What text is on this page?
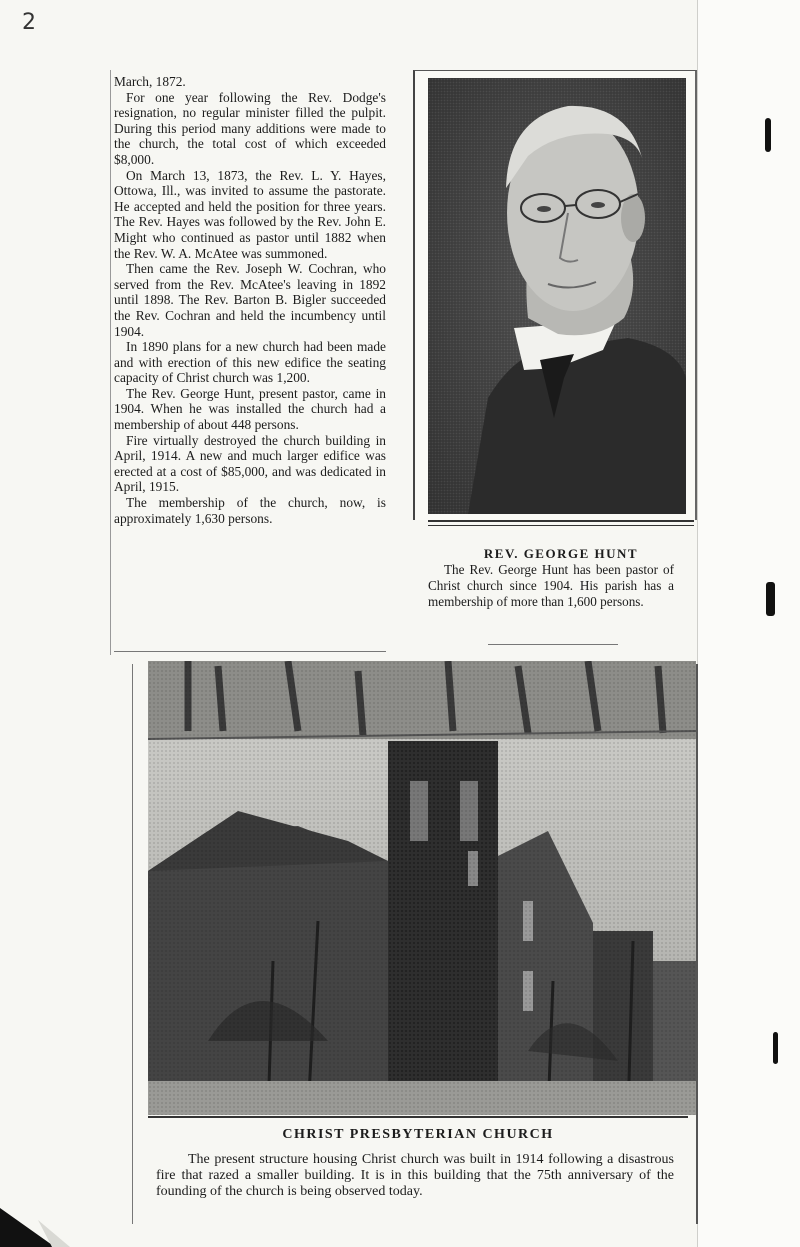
2

March, 1872.

For one year following the Rev. Dodge's resignation, no regular minister filled the pulpit. During this period many additions were made to the church, the total cost of which exceeded $8,000.

On March 13, 1873, the Rev. L. Y. Hayes, Ottowa, Ill., was invited to assume the pastorate. He accepted and held the position for three years. The Rev. Hayes was followed by the Rev. John E. Might who continued as pastor until 1882 when the Rev. W. A. McAtee was summoned.

Then came the Rev. Joseph W. Cochran, who served from the Rev. McAtee's leaving in 1892 until 1898. The Rev. Barton B. Bigler succeeded the Rev. Cochran and held the incumbency until 1904.

In 1890 plans for a new church had been made and with erection of this new edifice the seating capacity of Christ church was 1,200.

The Rev. George Hunt, present pastor, came in 1904. When he was installed the church had a membership of about 448 persons.

Fire virtually destroyed the church building in April, 1914. A new and much larger edifice was erected at a cost of $85,000, and was dedicated in April, 1915.

The membership of the church, now, is approximately 1,630 persons.

REV. GEORGE HUNT
The Rev. George Hunt has been pastor of Christ church since 1904. His parish has a membership of more than 1,600 persons.
CHRIST PRESBYTERIAN CHURCH
The present structure housing Christ church was built in 1914 following a disastrous fire that razed a smaller building. It is in this building that the 75th anniversary of the founding of the church is being observed today.
